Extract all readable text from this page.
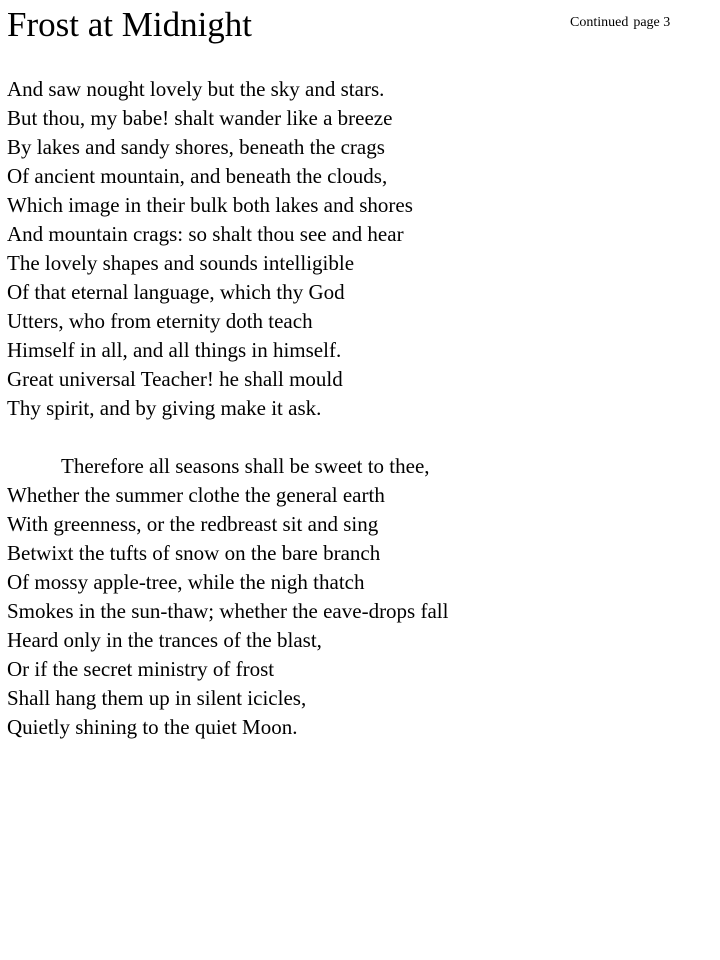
Frost at Midnight	Continued page 3

And saw nought lovely but the sky and stars.
But thou, my babe! shalt wander like a breeze
By lakes and sandy shores, beneath the crags
Of ancient mountain, and beneath the clouds,
Which image in their bulk both lakes and shores
And mountain crags: so shalt thou see and hear
The lovely shapes and sounds intelligible
Of that eternal language, which thy God
Utters, who from eternity doth teach
Himself in all, and all things in himself.
Great universal Teacher! he shall mould
Thy spirit, and by giving make it ask.

Therefore all seasons shall be sweet to thee,
Whether the summer clothe the general earth
With greenness, or the redbreast sit and sing
Betwixt the tufts of snow on the bare branch
Of mossy apple-tree, while the nigh thatch
Smokes in the sun-thaw; whether the eave-drops fall
Heard only in the trances of the blast,
Or if the secret ministry of frost
Shall hang them up in silent icicles,
Quietly shining to the quiet Moon.
